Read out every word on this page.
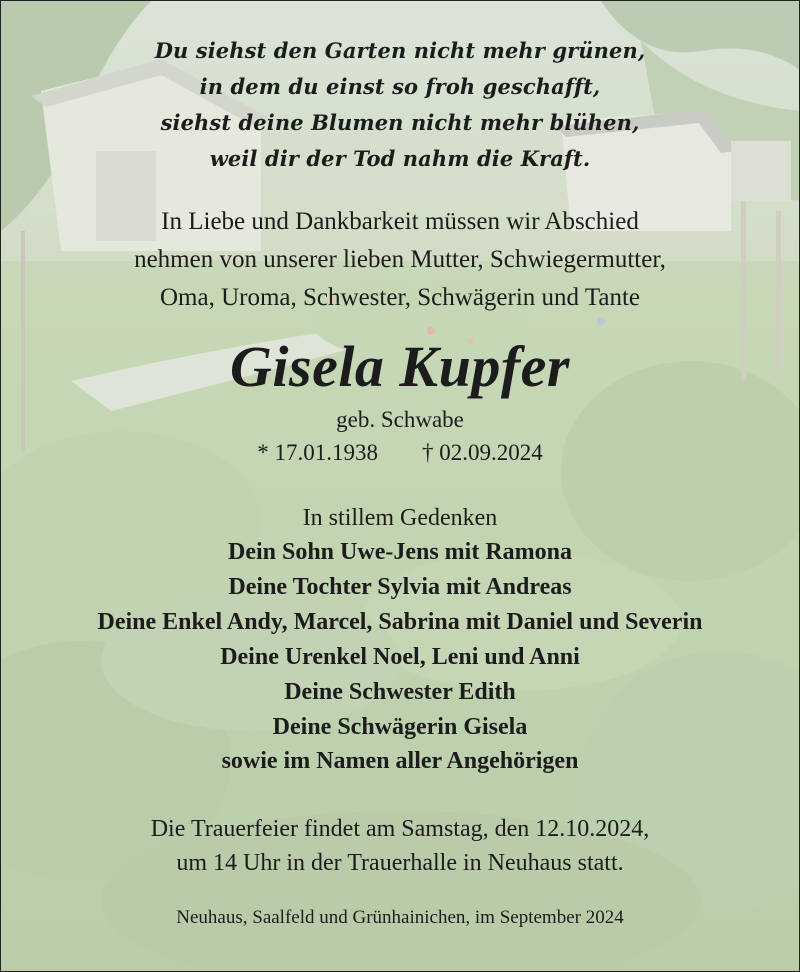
Du siehst den Garten nicht mehr grünen,
in dem du einst so froh geschafft,
siehst deine Blumen nicht mehr blühen,
weil dir der Tod nahm die Kraft.
In Liebe und Dankbarkeit müssen wir Abschied
nehmen von unserer lieben Mutter, Schwiegermutter,
Oma, Uroma, Schwester, Schwägerin und Tante
Gisela Kupfer
geb. Schwabe
* 17.01.1938 † 02.09.2024
In stillem Gedenken
Dein Sohn Uwe-Jens mit Ramona
Deine Tochter Sylvia mit Andreas
Deine Enkel Andy, Marcel, Sabrina mit Daniel und Severin
Deine Urenkel Noel, Leni und Anni
Deine Schwester Edith
Deine Schwägerin Gisela
sowie im Namen aller Angehörigen
Die Trauerfeier findet am Samstag, den 12.10.2024,
um 14 Uhr in der Trauerhalle in Neuhaus statt.
Neuhaus, Saalfeld und Grünhainichen, im September 2024
